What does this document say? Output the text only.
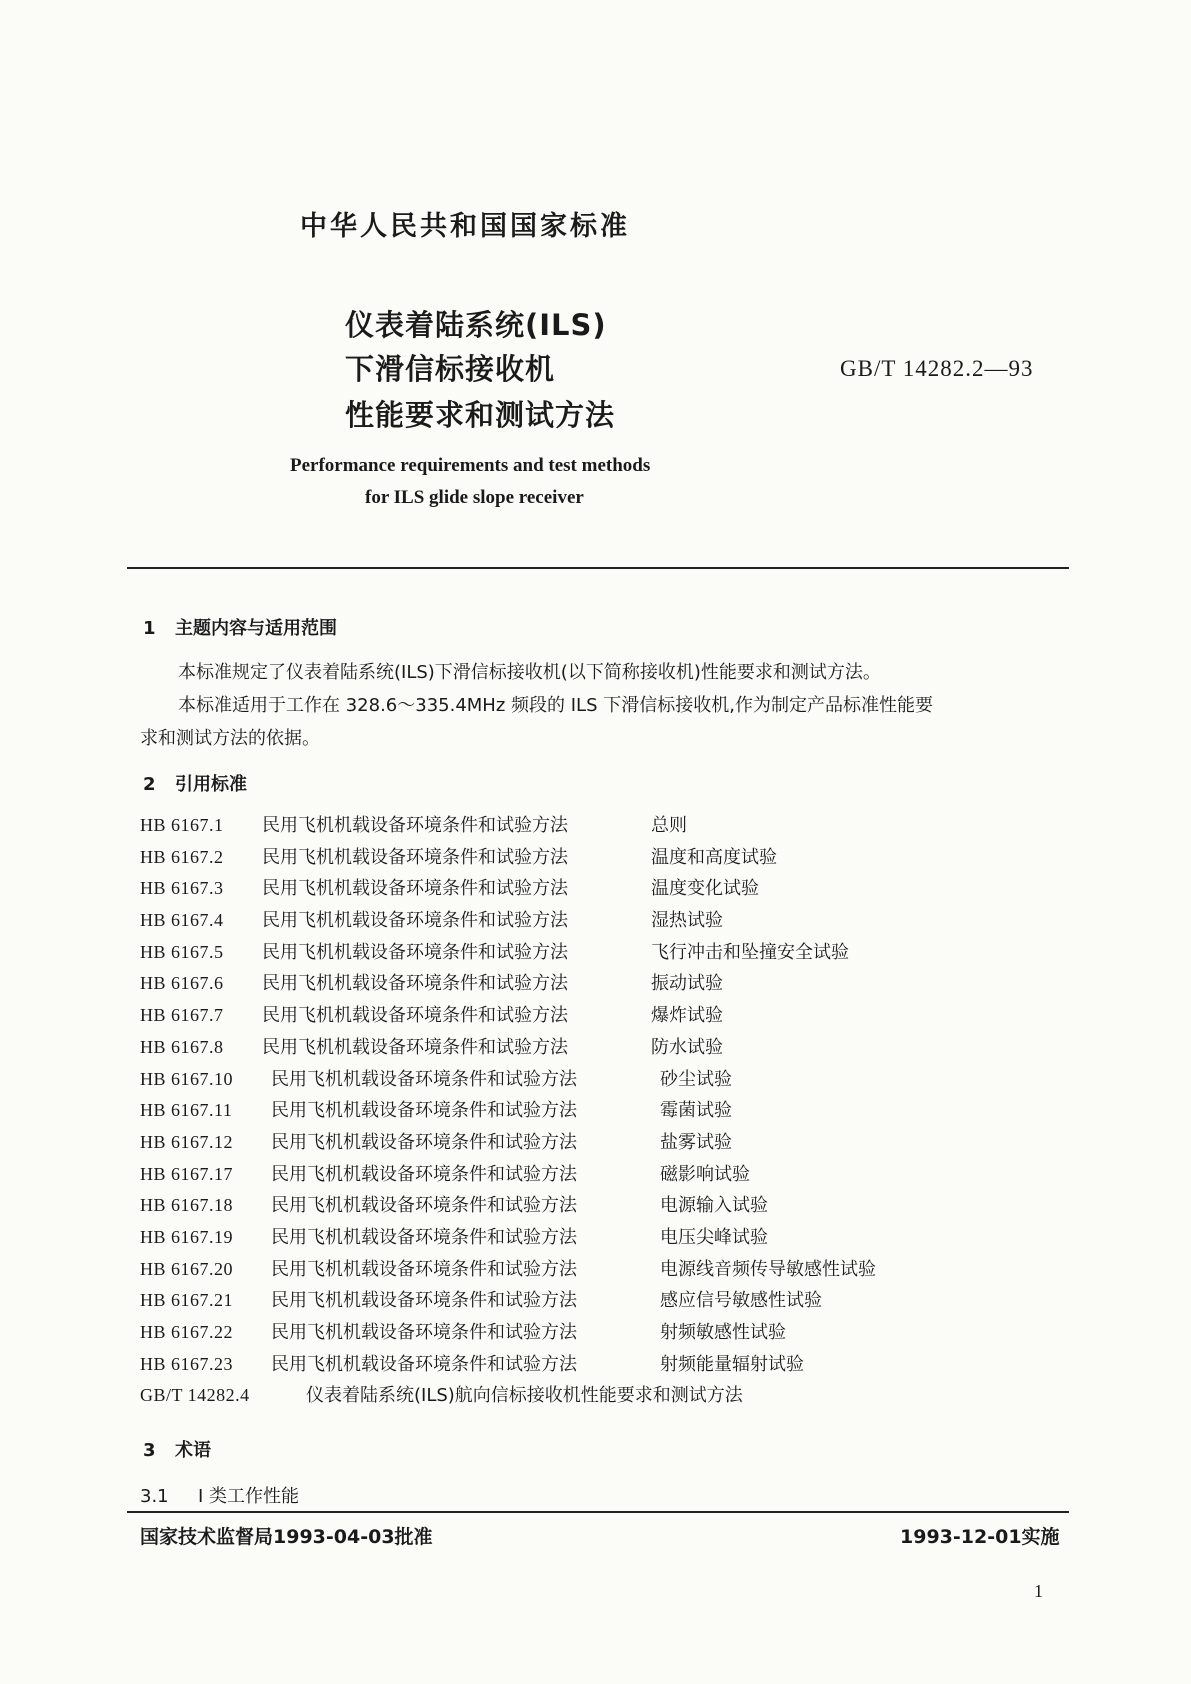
中华人民共和国国家标准
仪表着陆系统(ILS)
下滑信标接收机
性能要求和测试方法
GB/T 14282.2—93
Performance requirements and test methods
for ILS glide slope receiver
1 主题内容与适用范围
本标准规定了仪表着陆系统(ILS)下滑信标接收机(以下简称接收机)性能要求和测试方法。
本标准适用于工作在 328.6～335.4MHz 频段的 ILS 下滑信标接收机,作为制定产品标准性能要
求和测试方法的依据。
2 引用标准
HB 6167.1 民用飞机机载设备环境条件和试验方法	总则
HB 6167.2 民用飞机机载设备环境条件和试验方法	温度和高度试验
HB 6167.3 民用飞机机载设备环境条件和试验方法	温度变化试验
HB 6167.4 民用飞机机载设备环境条件和试验方法	湿热试验
HB 6167.5 民用飞机机载设备环境条件和试验方法	飞行冲击和坠撞安全试验
HB 6167.6 民用飞机机载设备环境条件和试验方法	振动试验
HB 6167.7 民用飞机机载设备环境条件和试验方法	爆炸试验
HB 6167.8 民用飞机机载设备环境条件和试验方法	防水试验
HB 6167.10 民用飞机机载设备环境条件和试验方法	砂尘试验
HB 6167.11 民用飞机机载设备环境条件和试验方法	霉菌试验
HB 6167.12 民用飞机机载设备环境条件和试验方法	盐雾试验
HB 6167.17 民用飞机机载设备环境条件和试验方法	磁影响试验
HB 6167.18 民用飞机机载设备环境条件和试验方法	电源输入试验
HB 6167.19 民用飞机机载设备环境条件和试验方法	电压尖峰试验
HB 6167.20 民用飞机机载设备环境条件和试验方法	电源线音频传导敏感性试验
HB 6167.21 民用飞机机载设备环境条件和试验方法	感应信号敏感性试验
HB 6167.22 民用飞机机载设备环境条件和试验方法	射频敏感性试验
HB 6167.23 民用飞机机载设备环境条件和试验方法	射频能量辐射试验
GB/T 14282.4	仪表着陆系统(ILS)航向信标接收机性能要求和测试方法
3 术语
3.1 I 类工作性能
国家技术监督局1993-04-03批准	1993-12-01实施
1
